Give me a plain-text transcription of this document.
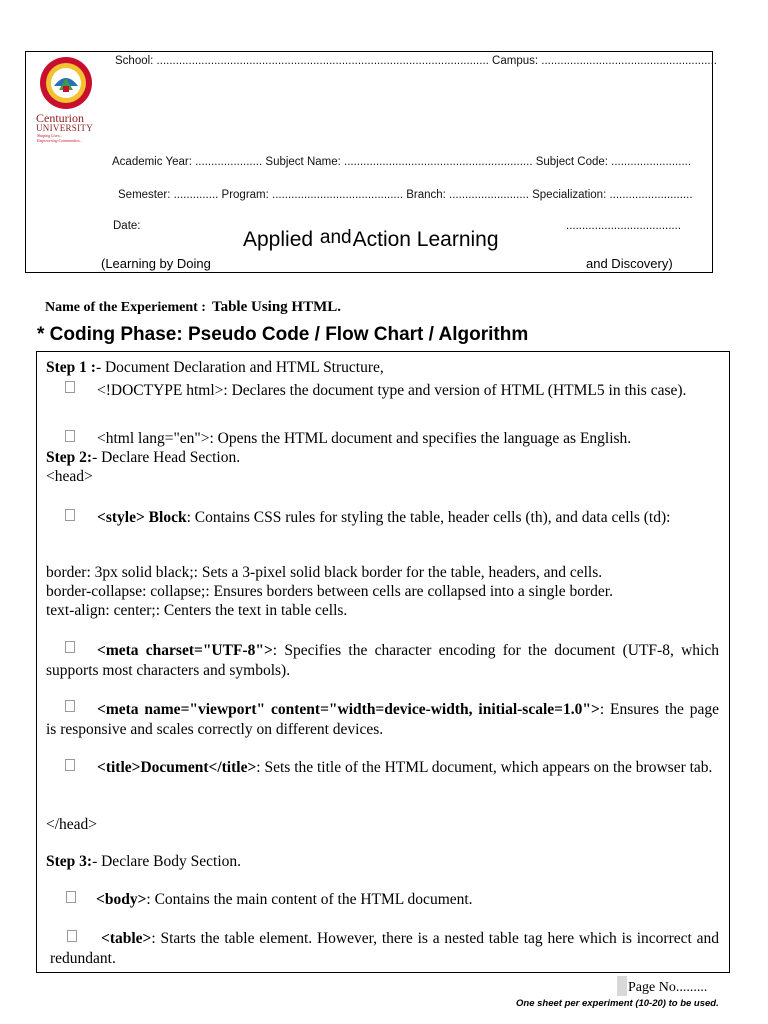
Centurion
UNIVERSITY
Shaping Lives...
Empowering Communities...
School: ........................................................................................................ Campus: .......................................................
Academic Year: ..................... Subject Name: ........................................................... Subject Code: .........................
Semester: .............. Program: ......................................... Branch: ......................... Specialization: ..........................
Date:	....................................
Applied andAction Learning
(Learning by Doing	and Discovery)
Name of the Experiement : Table Using HTML.
* Coding Phase: Pseudo Code / Flow Chart / Algorithm
Step 1 :- Document Declaration and HTML Structure,
<!DOCTYPE html>: Declares the document type and version of HTML (HTML5 in this case).
<html lang="en">: Opens the HTML document and specifies the language as English.
Step 2:- Declare Head Section.
<head>
<style> Block: Contains CSS rules for styling the table, header cells (th), and data cells (td):
border: 3px solid black;: Sets a 3-pixel solid black border for the table, headers, and cells.
border-collapse: collapse;: Ensures borders between cells are collapsed into a single border.
text-align: center;: Centers the text in table cells.
<meta charset="UTF-8">: Specifies the character encoding for the document (UTF-8, which supports most characters and symbols).
<meta name="viewport" content="width=device-width, initial-scale=1.0">: Ensures the page is responsive and scales correctly on different devices.
<title>Document</title>: Sets the title of the HTML document, which appears on the browser tab.
</head>
Step 3:- Declare Body Section.
<body>: Contains the main content of the HTML document.
<table>: Starts the table element. However, there is a nested table tag here which is incorrect and redundant.
Page No.........
One sheet per experiment (10-20) to be used.
